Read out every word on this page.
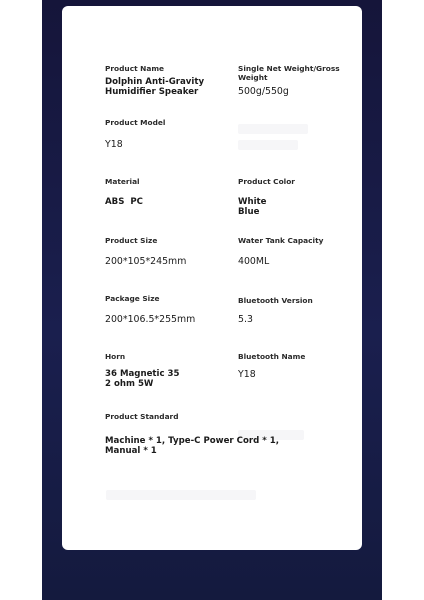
Product Name
Dolphin Anti-Gravity
Humidifier Speaker
Single Net Weight/Gross
Weight
500g/550g
Product Model
Y18
Material
ABS  PC
Product Color
White
Blue
Product Size
200*105*245mm
Water Tank Capacity
400ML
Package Size
200*106.5*255mm
Bluetooth Version
5.3
Horn
36 Magnetic 35
2 ohm 5W
Bluetooth Name
Y18
Product Standard
Machine * 1, Type-C Power Cord * 1,
Manual * 1
